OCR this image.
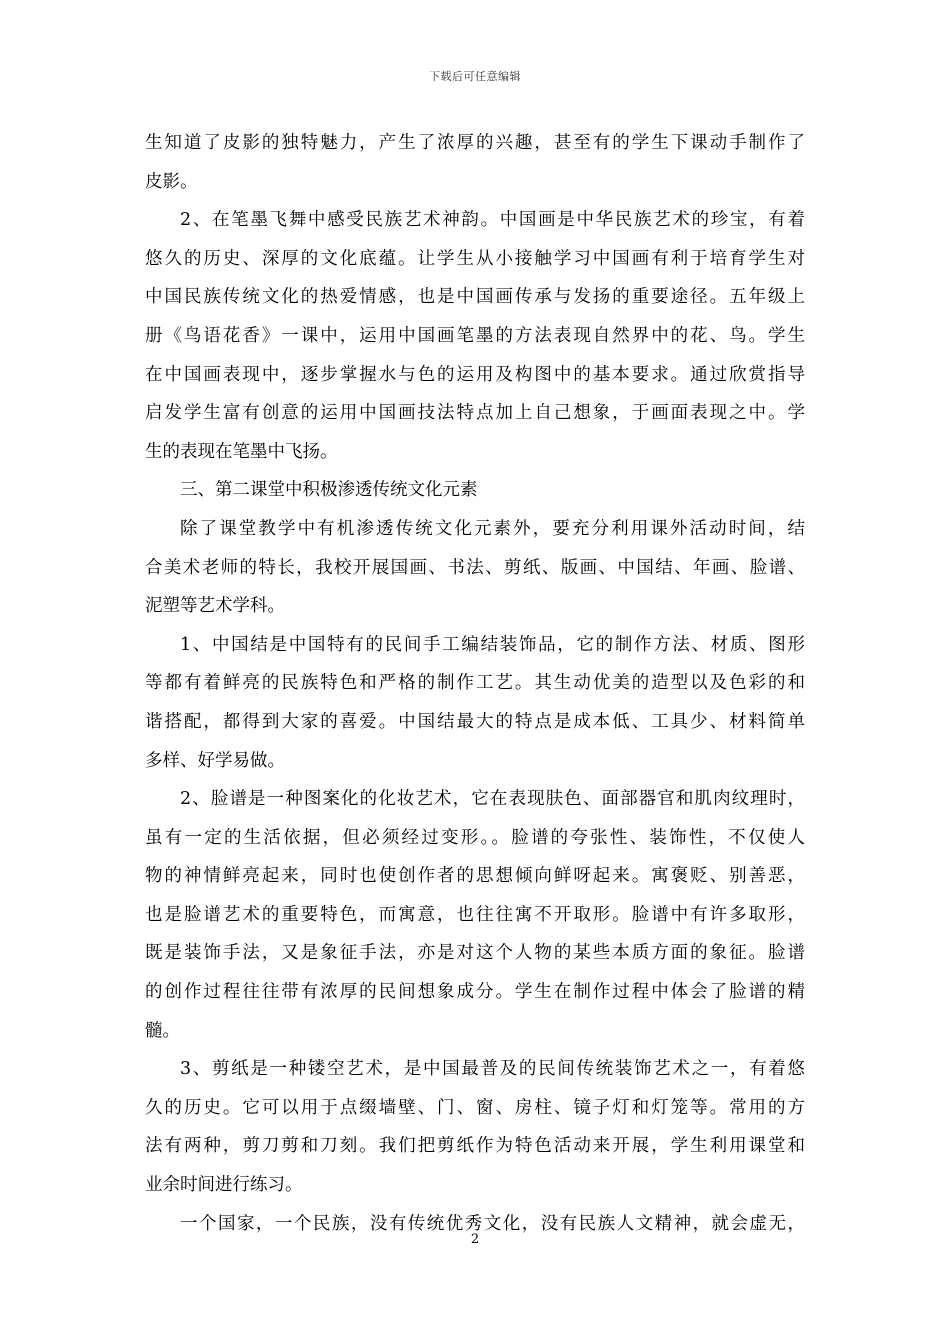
下载后可任意编辑
生知道了皮影的独特魅力，产生了浓厚的兴趣，甚至有的学生下课动手制作了
皮影。
2、在笔墨飞舞中感受民族艺术神韵。中国画是中华民族艺术的珍宝，有着
悠久的历史、深厚的文化底蕴。让学生从小接触学习中国画有利于培育学生对
中国民族传统文化的热爱情感，也是中国画传承与发扬的重要途径。五年级上
册《鸟语花香》一课中，运用中国画笔墨的方法表现自然界中的花、鸟。学生
在中国画表现中，逐步掌握水与色的运用及构图中的基本要求。通过欣赏指导
启发学生富有创意的运用中国画技法特点加上自己想象，于画面表现之中。学
生的表现在笔墨中飞扬。
三、第二课堂中积极渗透传统文化元素
除了课堂教学中有机渗透传统文化元素外，要充分利用课外活动时间，结
合美术老师的特长，我校开展国画、书法、剪纸、版画、中国结、年画、脸谱、
泥塑等艺术学科。
1、中国结是中国特有的民间手工编结装饰品，它的制作方法、材质、图形
等都有着鲜亮的民族特色和严格的制作工艺。其生动优美的造型以及色彩的和
谐搭配，都得到大家的喜爱。中国结最大的特点是成本低、工具少、材料简单
多样、好学易做。
2、脸谱是一种图案化的化妆艺术，它在表现肤色、面部器官和肌肉纹理时，
虽有一定的生活依据，但必须经过变形。。脸谱的夸张性、装饰性，不仅使人
物的神情鲜亮起来，同时也使创作者的思想倾向鲜呀起来。寓褒贬、别善恶，
也是脸谱艺术的重要特色，而寓意，也往往寓不开取形。脸谱中有许多取形，
既是装饰手法，又是象征手法，亦是对这个人物的某些本质方面的象征。脸谱
的创作过程往往带有浓厚的民间想象成分。学生在制作过程中体会了脸谱的精
髓。
3、剪纸是一种镂空艺术，是中国最普及的民间传统装饰艺术之一，有着悠
久的历史。它可以用于点缀墙壁、门、窗、房柱、镜子灯和灯笼等。常用的方
法有两种，剪刀剪和刀刻。我们把剪纸作为特色活动来开展，学生利用课堂和
业余时间进行练习。
一个国家，一个民族，没有传统优秀文化，没有民族人文精神，就会虚无，
2
